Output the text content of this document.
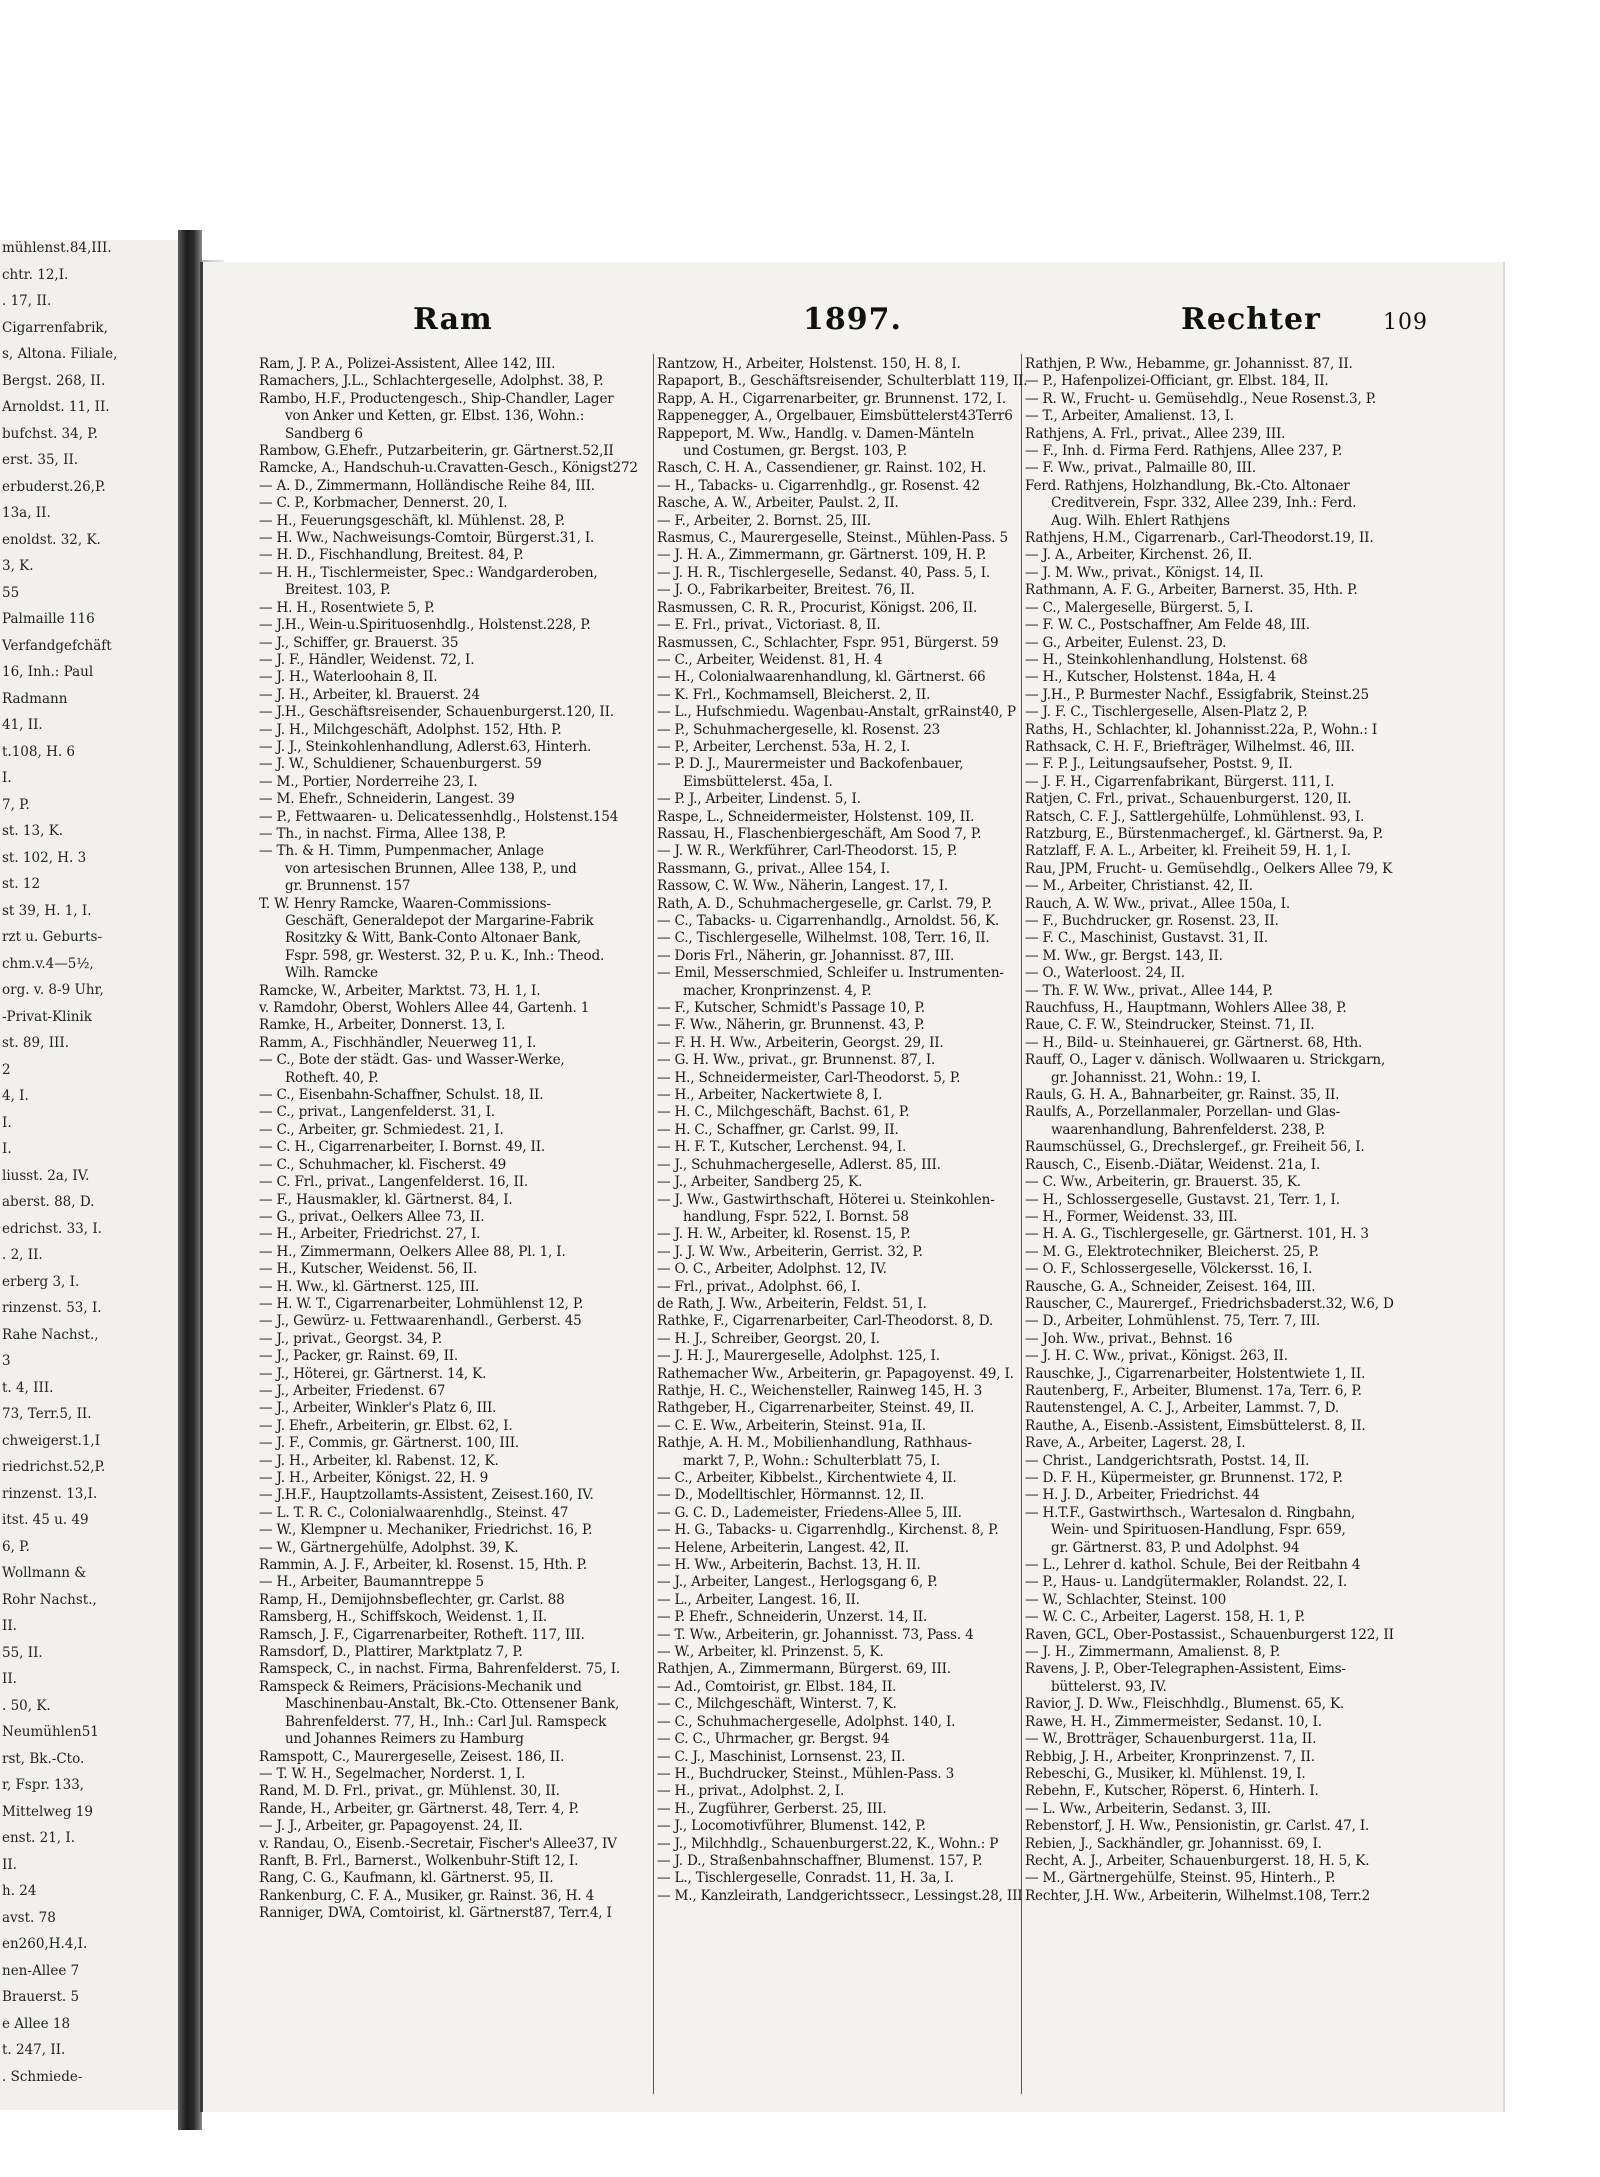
mühlenst.84,III.
chtr. 12,I.
. 17, II.
Cigarrenfabrik,
s, Altona. Filiale,
Bergst. 268, II.
Arnoldst. 11, II.
bufchst. 34, P.
erst. 35, II.
erbuderst.26,P.
13a, II.
enoldst. 32, K.
3, K.
55
Palmaille 116
Verfandgefchäft
16, Inh.: Paul
Radmann
41, II.
t.108, H. 6
I.
7, P.
st. 13, K.
st. 102, H. 3
st. 12
st 39, H. 1, I.
rzt u. Geburts-
chm.v.4—5½,
org. v. 8-9 Uhr,
-Privat-Klinik
st. 89, III.
2
4, I.
I.
I.
liusst. 2a, IV.
aberst. 88, D.
edrichst. 33, I.
. 2, II.
erberg 3, I.
rinzenst. 53, I.
Rahe Nachst.,
3
t. 4, III.
73, Terr.5, II.
chweigerst.1,I
riedrichst.52,P.
rinzenst. 13,I.
itst. 45 u. 49
6, P.
Wollmann &
Rohr Nachst.,
II.
55, II.
II.
. 50, K.
Neumühlen51
rst, Bk.-Cto.
r, Fspr. 133,
Mittelweg 19
enst. 21, I.
II.
h. 24
avst. 78
en260,H.4,I.
nen-Allee 7
Brauerst. 5
e Allee 18
t. 247, II.
. Schmiede-
Ram	1897.	Rechter	109
Ram, J. P. A., Polizei-Assistent, Allee 142, III.
Ramachers, J.L., Schlachtergeselle, Adolphst. 38, P.
Rambo, H.F., Productengesch., Ship-Chandler, Lager
von Anker und Ketten, gr. Elbst. 136, Wohn.:
Sandberg 6
Rambow, G.Ehefr., Putzarbeiterin, gr. Gärtnerst.52,II
Ramcke, A., Handschuh-u.Cravatten-Gesch., Königst272
— A. D., Zimmermann, Holländische Reihe 84, III.
— C. P., Korbmacher, Dennerst. 20, I.
— H., Feuerungsgeschäft, kl. Mühlenst. 28, P.
— H. Ww., Nachweisungs-Comtoir, Bürgerst.31, I.
— H. D., Fischhandlung, Breitest. 84, P.
— H. H., Tischlermeister, Spec.: Wandgarderoben,
Breitest. 103, P.
— H. H., Rosentwiete 5, P.
— J.H., Wein-u.Spirituosenhdlg., Holstenst.228, P.
— J., Schiffer, gr. Brauerst. 35
— J. F., Händler, Weidenst. 72, I.
— J. H., Waterloohain 8, II.
— J. H., Arbeiter, kl. Brauerst. 24
— J.H., Geschäftsreisender, Schauenburgerst.120, II.
— J. H., Milchgeschäft, Adolphst. 152, Hth. P.
— J. J., Steinkohlenhandlung, Adlerst.63, Hinterh.
— J. W., Schuldiener, Schauenburgerst. 59
— M., Portier, Norderreihe 23, I.
— M. Ehefr., Schneiderin, Langest. 39
— P., Fettwaaren- u. Delicatessenhdlg., Holstenst.154
— Th., in nachst. Firma, Allee 138, P.
— Th. & H. Timm, Pumpenmacher, Anlage
von artesischen Brunnen, Allee 138, P., und
gr. Brunnenst. 157
T. W. Henry Ramcke, Waaren-Commissions-
Geschäft, Generaldepot der Margarine-Fabrik
Rositzky & Witt, Bank-Conto Altonaer Bank,
Fspr. 598, gr. Westerst. 32, P. u. K., Inh.: Theod.
Wilh. Ramcke
Ramcke, W., Arbeiter, Marktst. 73, H. 1, I.
v. Ramdohr, Oberst, Wohlers Allee 44, Gartenh. 1
Ramke, H., Arbeiter, Donnerst. 13, I.
Ramm, A., Fischhändler, Neuerweg 11, I.
— C., Bote der städt. Gas- und Wasser-Werke,
Rotheft. 40, P.
— C., Eisenbahn-Schaffner, Schulst. 18, II.
— C., privat., Langenfelderst. 31, I.
— C., Arbeiter, gr. Schmiedest. 21, I.
— C. H., Cigarrenarbeiter, I. Bornst. 49, II.
— C., Schuhmacher, kl. Fischerst. 49
— C. Frl., privat., Langenfelderst. 16, II.
— F., Hausmakler, kl. Gärtnerst. 84, I.
— G., privat., Oelkers Allee 73, II.
— H., Arbeiter, Friedrichst. 27, I.
— H., Zimmermann, Oelkers Allee 88, Pl. 1, I.
— H., Kutscher, Weidenst. 56, II.
— H. Ww., kl. Gärtnerst. 125, III.
— H. W. T., Cigarrenarbeiter, Lohmühlenst 12, P.
— J., Gewürz- u. Fettwaarenhandl., Gerberst. 45
— J., privat., Georgst. 34, P.
— J., Packer, gr. Rainst. 69, II.
— J., Höterei, gr. Gärtnerst. 14, K.
— J., Arbeiter, Friedenst. 67
— J., Arbeiter, Winkler's Platz 6, III.
— J. Ehefr., Arbeiterin, gr. Elbst. 62, I.
— J. F., Commis, gr. Gärtnerst. 100, III.
— J. H., Arbeiter, kl. Rabenst. 12, K.
— J. H., Arbeiter, Königst. 22, H. 9
— J.H.F., Hauptzollamts-Assistent, Zeisest.160, IV.
— L. T. R. C., Colonialwaarenhdlg., Steinst. 47
— W., Klempner u. Mechaniker, Friedrichst. 16, P.
— W., Gärtnergehülfe, Adolphst. 39, K.
Rammin, A. J. F., Arbeiter, kl. Rosenst. 15, Hth. P.
— H., Arbeiter, Baumanntreppe 5
Ramp, H., Demijohnsbeflechter, gr. Carlst. 88
Ramsberg, H., Schiffskoch, Weidenst. 1, II.
Ramsch, J. F., Cigarrenarbeiter, Rotheft. 117, III.
Ramsdorf, D., Plattirer, Marktplatz 7, P.
Ramspeck, C., in nachst. Firma, Bahrenfelderst. 75, I.
Ramspeck & Reimers, Präcisions-Mechanik und
Maschinenbau-Anstalt, Bk.-Cto. Ottensener Bank,
Bahrenfelderst. 77, H., Inh.: Carl Jul. Ramspeck
und Johannes Reimers zu Hamburg
Ramspott, C., Maurergeselle, Zeisest. 186, II.
— T. W. H., Segelmacher, Norderst. 1, I.
Rand, M. D. Frl., privat., gr. Mühlenst. 30, II.
Rande, H., Arbeiter, gr. Gärtnerst. 48, Terr. 4, P.
— J. J., Arbeiter, gr. Papagoyenst. 24, II.
v. Randau, O., Eisenb.-Secretair, Fischer's Allee37, IV
Ranft, B. Frl., Barnerst., Wolkenbuhr-Stift 12, I.
Rang, C. G., Kaufmann, kl. Gärtnerst. 95, II.
Rankenburg, C. F. A., Musiker, gr. Rainst. 36, H. 4
Ranniger, DWA, Comtoirist, kl. Gärtnerst87, Terr.4, I
Rantzow, H., Arbeiter, Holstenst. 150, H. 8, I.
Rapaport, B., Geschäftsreisender, Schulterblatt 119, II.
Rapp, A. H., Cigarrenarbeiter, gr. Brunnenst. 172, I.
Rappenegger, A., Orgelbauer, Eimsbüttelerst43Terr6
Rappeport, M. Ww., Handlg. v. Damen-Mänteln
und Costumen, gr. Bergst. 103, P.
Rasch, C. H. A., Cassendiener, gr. Rainst. 102, H.
— H., Tabacks- u. Cigarrenhdlg., gr. Rosenst. 42
Rasche, A. W., Arbeiter, Paulst. 2, II.
— F., Arbeiter, 2. Bornst. 25, III.
Rasmus, C., Maurergeselle, Steinst., Mühlen-Pass. 5
— J. H. A., Zimmermann, gr. Gärtnerst. 109, H. P.
— J. H. R., Tischlergeselle, Sedanst. 40, Pass. 5, I.
— J. O., Fabrikarbeiter, Breitest. 76, II.
Rasmussen, C. R. R., Procurist, Königst. 206, II.
— E. Frl., privat., Victoriast. 8, II.
Rasmussen, C., Schlachter, Fspr. 951, Bürgerst. 59
— C., Arbeiter, Weidenst. 81, H. 4
— H., Colonialwaarenhandlung, kl. Gärtnerst. 66
— K. Frl., Kochmamsell, Bleicherst. 2, II.
— L., Hufschmiedu. Wagenbau-Anstalt, grRainst40, P
— P., Schuhmachergeselle, kl. Rosenst. 23
— P., Arbeiter, Lerchenst. 53a, H. 2, I.
— P. D. J., Maurermeister und Backofenbauer,
Eimsbüttelerst. 45a, I.
— P. J., Arbeiter, Lindenst. 5, I.
Raspe, L., Schneidermeister, Holstenst. 109, II.
Rassau, H., Flaschenbiergeschäft, Am Sood 7, P.
— J. W. R., Werkführer, Carl-Theodorst. 15, P.
Rassmann, G., privat., Allee 154, I.
Rassow, C. W. Ww., Näherin, Langest. 17, I.
Rath, A. D., Schuhmachergeselle, gr. Carlst. 79, P.
— C., Tabacks- u. Cigarrenhandlg., Arnoldst. 56, K.
— C., Tischlergeselle, Wilhelmst. 108, Terr. 16, II.
— Doris Frl., Näherin, gr. Johannisst. 87, III.
— Emil, Messerschmied, Schleifer u. Instrumenten-
macher, Kronprinzenst. 4, P.
— F., Kutscher, Schmidt's Passage 10, P.
— F. Ww., Näherin, gr. Brunnenst. 43, P.
— F. H. H. Ww., Arbeiterin, Georgst. 29, II.
— G. H. Ww., privat., gr. Brunnenst. 87, I.
— H., Schneidermeister, Carl-Theodorst. 5, P.
— H., Arbeiter, Nackertwiete 8, I.
— H. C., Milchgeschäft, Bachst. 61, P.
— H. C., Schaffner, gr. Carlst. 99, II.
— H. F. T., Kutscher, Lerchenst. 94, I.
— J., Schuhmachergeselle, Adlerst. 85, III.
— J., Arbeiter, Sandberg 25, K.
— J. Ww., Gastwirthschaft, Höterei u. Steinkohlen-
handlung, Fspr. 522, I. Bornst. 58
— J. H. W., Arbeiter, kl. Rosenst. 15, P.
— J. J. W. Ww., Arbeiterin, Gerrist. 32, P.
— O. C., Arbeiter, Adolphst. 12, IV.
— Frl., privat., Adolphst. 66, I.
de Rath, J. Ww., Arbeiterin, Feldst. 51, I.
Rathke, F., Cigarrenarbeiter, Carl-Theodorst. 8, D.
— H. J., Schreiber, Georgst. 20, I.
— J. H. J., Maurergeselle, Adolphst. 125, I.
Rathemacher Ww., Arbeiterin, gr. Papagoyenst. 49, I.
Rathje, H. C., Weichensteller, Rainweg 145, H. 3
Rathgeber, H., Cigarrenarbeiter, Steinst. 49, II.
— C. E. Ww., Arbeiterin, Steinst. 91a, II.
Rathje, A. H. M., Mobilienhandlung, Rathhaus-
markt 7, P., Wohn.: Schulterblatt 75, I.
— C., Arbeiter, Kibbelst., Kirchentwiete 4, II.
— D., Modelltischler, Hörmannst. 12, II.
— G. C. D., Lademeister, Friedens-Allee 5, III.
— H. G., Tabacks- u. Cigarrenhdlg., Kirchenst. 8, P.
— Helene, Arbeiterin, Langest. 42, II.
— H. Ww., Arbeiterin, Bachst. 13, H. II.
— J., Arbeiter, Langest., Herlogsgang 6, P.
— L., Arbeiter, Langest. 16, II.
— P. Ehefr., Schneiderin, Unzerst. 14, II.
— T. Ww., Arbeiterin, gr. Johannisst. 73, Pass. 4
— W., Arbeiter, kl. Prinzenst. 5, K.
Rathjen, A., Zimmermann, Bürgerst. 69, III.
— Ad., Comtoirist, gr. Elbst. 184, II.
— C., Milchgeschäft, Winterst. 7, K.
— C., Schuhmachergeselle, Adolphst. 140, I.
— C. C., Uhrmacher, gr. Bergst. 94
— C. J., Maschinist, Lornsenst. 23, II.
— H., Buchdrucker, Steinst., Mühlen-Pass. 3
— H., privat., Adolphst. 2, I.
— H., Zugführer, Gerberst. 25, III.
— J., Locomotivführer, Blumenst. 142, P.
— J., Milchhdlg., Schauenburgerst.22, K., Wohn.: P
— J. D., Straßenbahnschaffner, Blumenst. 157, P.
— L., Tischlergeselle, Conradst. 11, H. 3a, I.
— M., Kanzleirath, Landgerichtssecr., Lessingst.28, III
Rathjen, P. Ww., Hebamme, gr. Johannisst. 87, II.
— P., Hafenpolizei-Officiant, gr. Elbst. 184, II.
— R. W., Frucht- u. Gemüsehdlg., Neue Rosenst.3, P.
— T., Arbeiter, Amalienst. 13, I.
Rathjens, A. Frl., privat., Allee 239, III.
— F., Inh. d. Firma Ferd. Rathjens, Allee 237, P.
— F. Ww., privat., Palmaille 80, III.
Ferd. Rathjens, Holzhandlung, Bk.-Cto. Altonaer
Creditverein, Fspr. 332, Allee 239, Inh.: Ferd.
Aug. Wilh. Ehlert Rathjens
Rathjens, H.M., Cigarrenarb., Carl-Theodorst.19, II.
— J. A., Arbeiter, Kirchenst. 26, II.
— J. M. Ww., privat., Königst. 14, II.
Rathmann, A. F. G., Arbeiter, Barnerst. 35, Hth. P.
— C., Malergeselle, Bürgerst. 5, I.
— F. W. C., Postschaffner, Am Felde 48, III.
— G., Arbeiter, Eulenst. 23, D.
— H., Steinkohlenhandlung, Holstenst. 68
— H., Kutscher, Holstenst. 184a, H. 4
— J.H., P. Burmester Nachf., Essigfabrik, Steinst.25
— J. F. C., Tischlergeselle, Alsen-Platz 2, P.
Raths, H., Schlachter, kl. Johannisst.22a, P., Wohn.: I
Rathsack, C. H. F., Briefträger, Wilhelmst. 46, III.
— F. P. J., Leitungsaufseher, Postst. 9, II.
— J. F. H., Cigarrenfabrikant, Bürgerst. 111, I.
Ratjen, C. Frl., privat., Schauenburgerst. 120, II.
Ratsch, C. F. J., Sattlergehülfe, Lohmühlenst. 93, I.
Ratzburg, E., Bürstenmachergef., kl. Gärtnerst. 9a, P.
Ratzlaff, F. A. L., Arbeiter, kl. Freiheit 59, H. 1, I.
Rau, JPM, Frucht- u. Gemüsehdlg., Oelkers Allee 79, K
— M., Arbeiter, Christianst. 42, II.
Rauch, A. W. Ww., privat., Allee 150a, I.
— F., Buchdrucker, gr. Rosenst. 23, II.
— F. C., Maschinist, Gustavst. 31, II.
— M. Ww., gr. Bergst. 143, II.
— O., Waterloost. 24, II.
— Th. F. W. Ww., privat., Allee 144, P.
Rauchfuss, H., Hauptmann, Wohlers Allee 38, P.
Raue, C. F. W., Steindrucker, Steinst. 71, II.
— H., Bild- u. Steinhauerei, gr. Gärtnerst. 68, Hth.
Rauff, O., Lager v. dänisch. Wollwaaren u. Strickgarn,
gr. Johannisst. 21, Wohn.: 19, I.
Rauls, G. H. A., Bahnarbeiter, gr. Rainst. 35, II.
Raulfs, A., Porzellanmaler, Porzellan- und Glas-
waarenhandlung, Bahrenfelderst. 238, P.
Raumschüssel, G., Drechslergef., gr. Freiheit 56, I.
Rausch, C., Eisenb.-Diätar, Weidenst. 21a, I.
— C. Ww., Arbeiterin, gr. Brauerst. 35, K.
— H., Schlossergeselle, Gustavst. 21, Terr. 1, I.
— H., Former, Weidenst. 33, III.
— H. A. G., Tischlergeselle, gr. Gärtnerst. 101, H. 3
— M. G., Elektrotechniker, Bleicherst. 25, P.
— O. F., Schlossergeselle, Völckersst. 16, I.
Rausche, G. A., Schneider, Zeisest. 164, III.
Rauscher, C., Maurergef., Friedrichsbaderst.32, W.6, D
— D., Arbeiter, Lohmühlenst. 75, Terr. 7, III.
— Joh. Ww., privat., Behnst. 16
— J. H. C. Ww., privat., Königst. 263, II.
Rauschke, J., Cigarrenarbeiter, Holstentwiete 1, II.
Rautenberg, F., Arbeiter, Blumenst. 17a, Terr. 6, P.
Rautenstengel, A. C. J., Arbeiter, Lammst. 7, D.
Rauthe, A., Eisenb.-Assistent, Eimsbüttelerst. 8, II.
Rave, A., Arbeiter, Lagerst. 28, I.
— Christ., Landgerichtsrath, Postst. 14, II.
— D. F. H., Küpermeister, gr. Brunnenst. 172, P.
— H. J. D., Arbeiter, Friedrichst. 44
— H.T.F., Gastwirthsch., Wartesalon d. Ringbahn,
Wein- und Spirituosen-Handlung, Fspr. 659,
gr. Gärtnerst. 83, P. und Adolphst. 94
— L., Lehrer d. kathol. Schule, Bei der Reitbahn 4
— P., Haus- u. Landgütermakler, Rolandst. 22, I.
— W., Schlachter, Steinst. 100
— W. C. C., Arbeiter, Lagerst. 158, H. 1, P.
Raven, GCL, Ober-Postassist., Schauenburgerst 122, II
— J. H., Zimmermann, Amalienst. 8, P.
Ravens, J. P., Ober-Telegraphen-Assistent, Eims-
büttelerst. 93, IV.
Ravior, J. D. Ww., Fleischhdlg., Blumenst. 65, K.
Rawe, H. H., Zimmermeister, Sedanst. 10, I.
— W., Brotträger, Schauenburgerst. 11a, II.
Rebbig, J. H., Arbeiter, Kronprinzenst. 7, II.
Rebeschi, G., Musiker, kl. Mühlenst. 19, I.
Rebehn, F., Kutscher, Röperst. 6, Hinterh. I.
— L. Ww., Arbeiterin, Sedanst. 3, III.
Rebenstorf, J. H. Ww., Pensionistin, gr. Carlst. 47, I.
Rebien, J., Sackhändler, gr. Johannisst. 69, I.
Recht, A. J., Arbeiter, Schauenburgerst. 18, H. 5, K.
— M., Gärtnergehülfe, Steinst. 95, Hinterh., P.
Rechter, J.H. Ww., Arbeiterin, Wilhelmst.108, Terr.2
